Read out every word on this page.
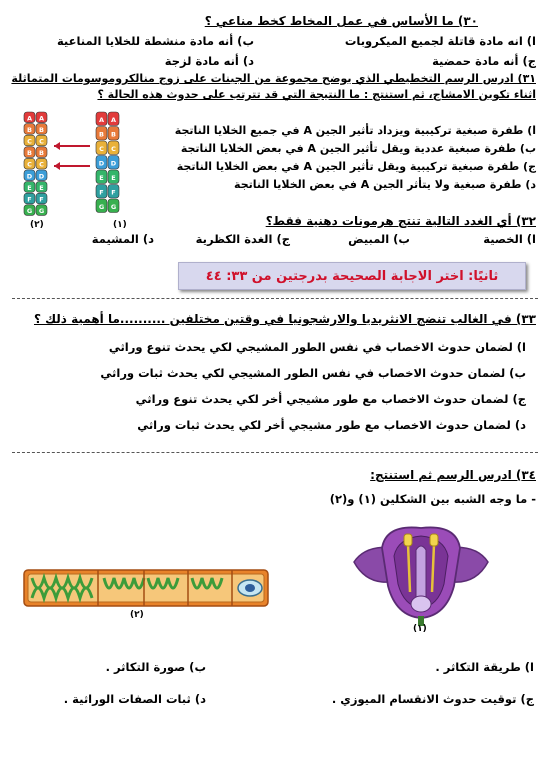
٣٠) ما الأساس في عمل المخاط كخط مناعي ؟
ا) انه مادة قاتلة لجميع الميكروبات
ب) أنه مادة منشطة للخلايا المناعية
ج) أنه مادة حمضية
د) أنه مادة لزجة
٣١) ادرس الرسم التخطيطي الذي يوضح مجموعة من الجينات على زوج منالكروموسومات المتماثلة
اثناء تكوين الامشاج، ثم استنتج : ما النتيجة التي قد تترتب على حدوث هذه الحالة ؟
ا) طفرة صبغية تركيبية ويزداد تأثير الجين A في جميع الخلايا الناتجة
ب) طفرة صبغية عددية ويقل تأثير الجين A في بعض الخلايا الناتجة
ج) طفرة صبغية تركيبية ويقل تأثير الجين A في بعض الخلايا الناتجة
د) طفرة صبغية ولا يتأثر الجين A في بعض الخلايا الناتجة
A
B
C
D
E
F
G
A
B
C
D
E
F
G
A
B
C
B
C
D
E
F
G
A
B
C
B
C
D
E
F
G
(١)
(٢)	٣٢) أي الغدد التالية تنتج هرمونات دهنية فقط؟
ا) الخصية
ب) المبيض
ج) الغدة الكظرية
د) المشيمة
ثانيًا: اختر الاجابة الصحيحة بدرجتين من ٣٣: ٤٤
٣٣) في الغالب تنضج الانثريديا والارشجونيا في وقتين مختلفين ..........ما أهمية ذلك ؟
ا) لضمان حدوث الاخصاب في نفس الطور المشيجي لكي يحدث تنوع وراثي
ب) لضمان حدوث الاخصاب في نفس الطور المشيجي لكي يحدث ثبات وراثي
ج) لضمان حدوث الاخصاب مع طور مشيجي أخر لكي يحدث تنوع وراثي
د) لضمان حدوث الاخصاب مع طور مشيجي أخر لكي يحدث ثبات وراثي
٣٤) ادرس الرسم ثم استنتج:
- ما وجه الشبه بين الشكلين (١) و(٢)
(٢)
(١)
ا) طريقة التكاثر .
ب) صورة التكاثر .
ج) توقيت حدوث الانقسام الميوزي .
د) ثبات الصفات الوراثية .
